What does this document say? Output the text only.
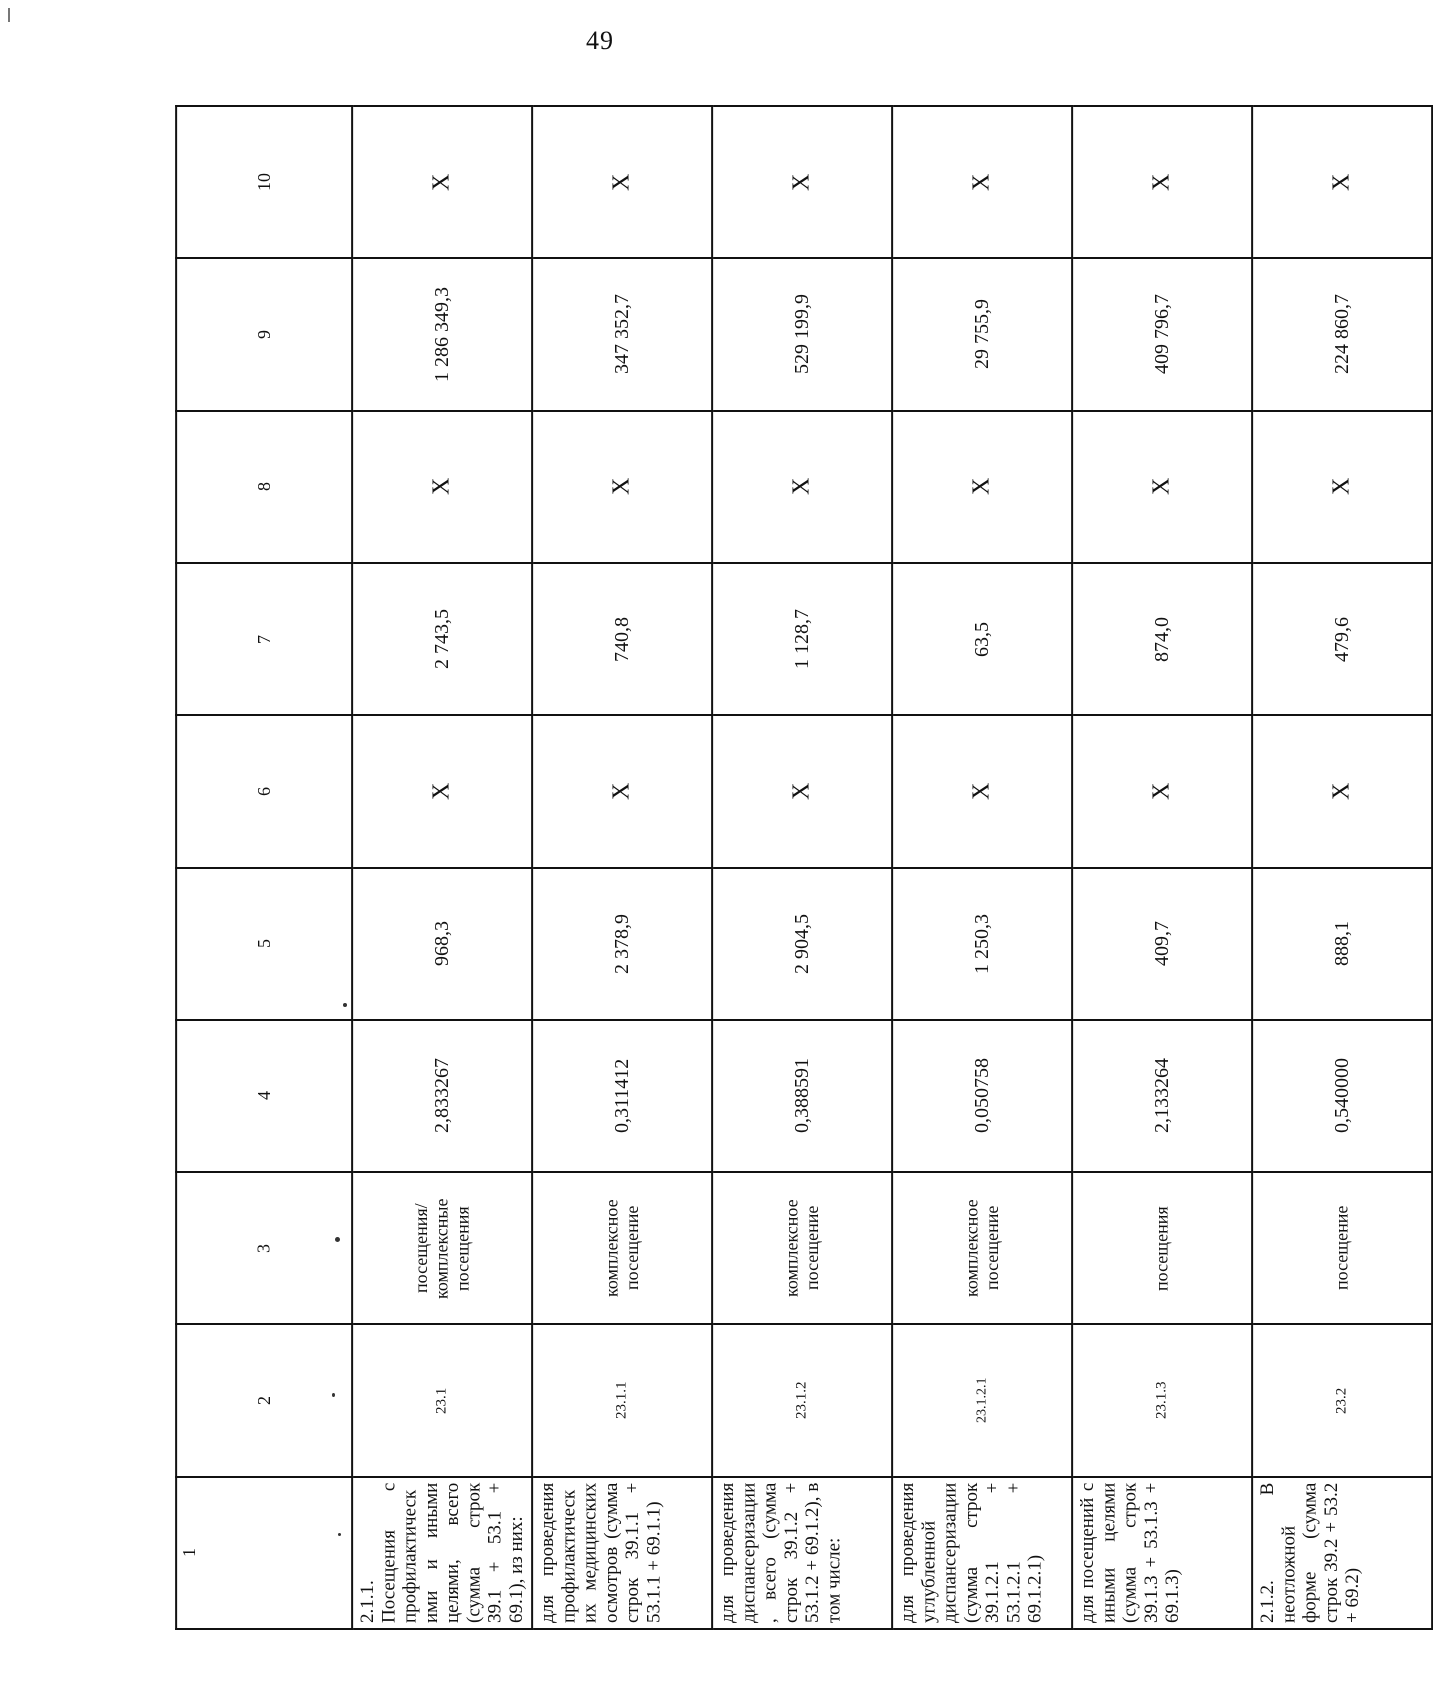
49
1	2	3	4	5	6	7	8	9	10
2.1.1. Посещения с профилактическими и иными целями, всего (сумма строк 39.1 + 53.1 + 69.1), из них:	23.1	посещения/комплексные посещения	2,833267	968,3	Х	2 743,5	Х	1 286 349,3	Х
для проведения профилактических медицинских осмотров (сумма строк 39.1.1 + 53.1.1 + 69.1.1)	23.1.1	комплексное посещение	0,311412	2 378,9	Х	740,8	Х	347 352,7	Х
для проведения диспансеризации, всего (сумма строк 39.1.2 + 53.1.2 + 69.1.2), в том числе:	23.1.2	комплексное посещение	0,388591	2 904,5	Х	1 128,7	Х	529 199,9	Х
для проведения углубленной диспансеризации (сумма строк 39.1.2.1 + 53.1.2.1 + 69.1.2.1)	23.1.2.1	комплексное посещение	0,050758	1 250,3	Х	63,5	Х	29 755,9	Х
для посещений с иными целями (сумма строк 39.1.3 + 53.1.3 + 69.1.3)	23.1.3	посещения	2,133264	409,7	Х	874,0	Х	409 796,7	Х
2.1.2. В неотложной форме (сумма строк 39.2 + 53.2 + 69.2)	23.2	посещение	0,540000	888,1	Х	479,6	Х	224 860,7	Х
